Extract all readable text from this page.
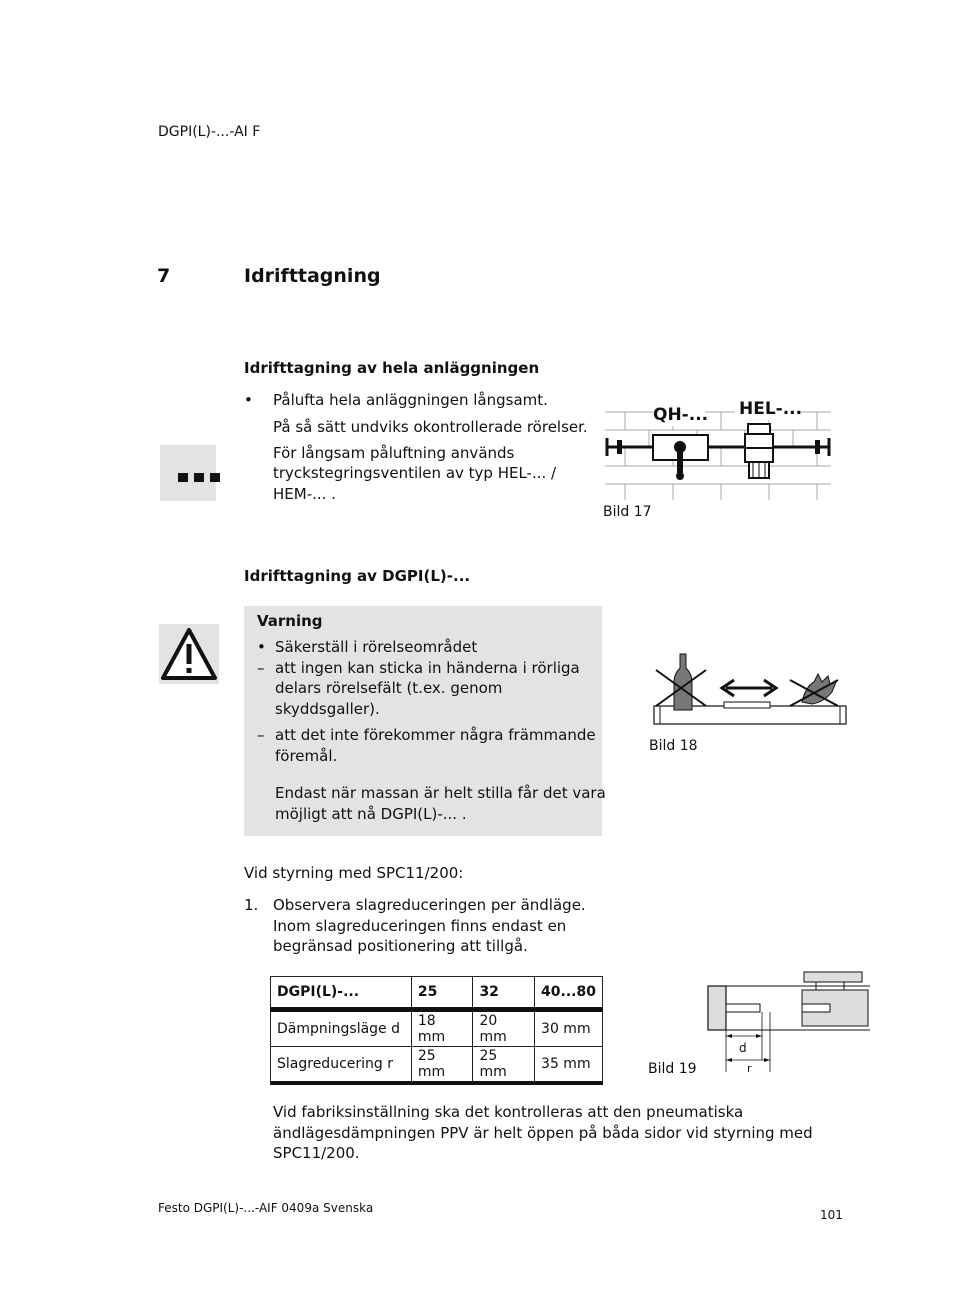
DGPI(L)-...-AI F
7	Idrifttagning
Idrifttagning av hela anläggningen
• Pålufta hela anläggningen långsamt.
På så sätt undviks okontrollerade rörelser.
För långsam påluftning används
tryckstegringsventilen av typ HEL-... /
HEM-... .
QH-... HEL-...
Bild 17
Idrifttagning av DGPI(L)-...
Varning
• Säkerställ i rörelseområdet
– att ingen kan sticka in händerna i rörliga
delars rörelsefält (t.ex. genom
skyddsgaller).
– att det inte förekommer några främmande
föremål.
Endast när massan är helt stilla får det vara
möjligt att nå DGPI(L)-... .
Bild 18
Vid styrning med SPC11/200:
1. Observera slagreduceringen per ändläge.
Inom slagreduceringen finns endast en
begränsad positionering att tillgå.
DGPI(L)-...	25	32	40...80
Dämpningsläge d	18 mm	20 mm	30 mm
Slagreducering r	25 mm	25 mm	35 mm
d
r
Bild 19
Vid fabriksinställning ska det kontrolleras att den pneumatiska
ändlägesdämpningen PPV är helt öppen på båda sidor vid styrning med
SPC11/200.
Festo DGPI(L)-...-AIF 0409a Svenska	101
